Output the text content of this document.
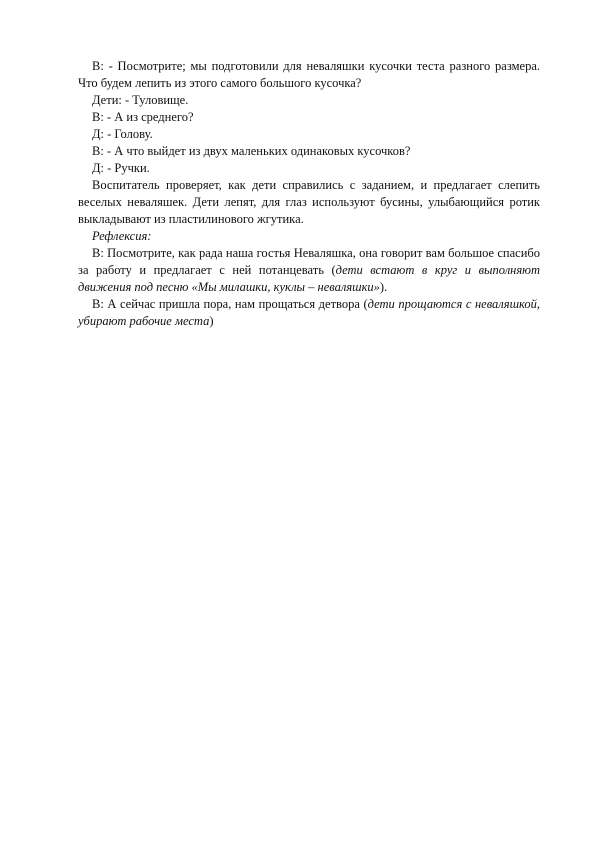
В: - Посмотрите; мы подготовили для неваляшки кусочки теста разного размера. Что будем лепить из этого самого большого кусочка?

Дети: - Туловище.

В: - А из среднего?

Д: - Голову.

В: - А что выйдет из двух маленьких одинаковых кусочков?

Д: - Ручки.

Воспитатель проверяет, как дети справились с заданием, и предлагает слепить веселых неваляшек. Дети лепят, для глаз используют бусины, улыбающийся ротик выкладывают из пластилинового жгутика.

Рефлексия:

В: Посмотрите, как рада наша гостья Неваляшка, она говорит вам большое спасибо за работу и предлагает с ней потанцевать (дети встают в круг и выполняют движения под песню «Мы милашки, куклы – неваляшки»).

В: А сейчас пришла пора, нам прощаться детвора (дети прощаются с неваляшкой, убирают рабочие места)
